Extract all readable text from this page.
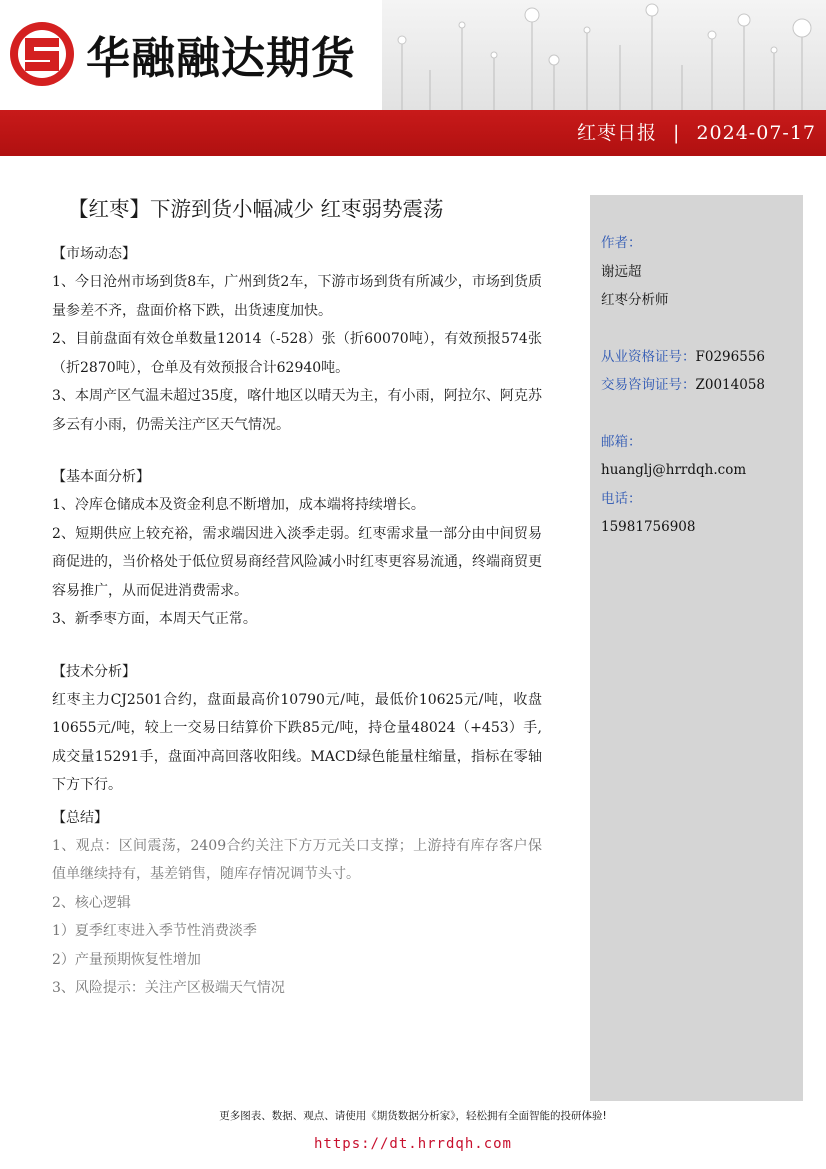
华融融达期货
红枣日报 | 2024-07-17
【红枣】下游到货小幅减少 红枣弱势震荡
【市场动态】

1、今日沧州市场到货8车，广州到货2车，下游市场到货有所减少，市场到货质量参差不齐，盘面价格下跌，出货速度加快。

2、目前盘面有效仓单数量12014（-528）张（折60070吨），有效预报574张（折2870吨），仓单及有效预报合计62940吨。

3、本周产区气温未超过35度，喀什地区以晴天为主，有小雨，阿拉尔、阿克苏多云有小雨，仍需关注产区天气情况。

【基本面分析】

1、冷库仓储成本及资金利息不断增加，成本端将持续增长。

2、短期供应上较充裕，需求端因进入淡季走弱。红枣需求量一部分由中间贸易商促进的，当价格处于低位贸易商经营风险减小时红枣更容易流通，终端商贸更容易推广，从而促进消费需求。

3、新季枣方面，本周天气正常。

【技术分析】

红枣主力CJ2501合约，盘面最高价10790元/吨，最低价10625元/吨，收盘10655元/吨，较上一交易日结算价下跌85元/吨，持仓量48024（+453）手,成交量15291手，盘面冲高回落收阳线。MACD绿色能量柱缩量，指标在零轴下方下行。

【总结】

1、观点：区间震荡，2409合约关注下方万元关口支撑；上游持有库存客户保值单继续持有，基差销售，随库存情况调节头寸。

2、核心逻辑

1）夏季红枣进入季节性消费淡季

2）产量预期恢复性增加

3、风险提示：关注产区极端天气情况

作者：
谢远超
红枣分析师
从业资格证号：F0296556
交易咨询证号：Z0014058
邮箱：
huanglj@hrrdqh.com
电话：
15981756908
更多图表、数据、观点、请使用《期货数据分析家》，轻松拥有全面智能的投研体验!
https://dt.hrrdqh.com
